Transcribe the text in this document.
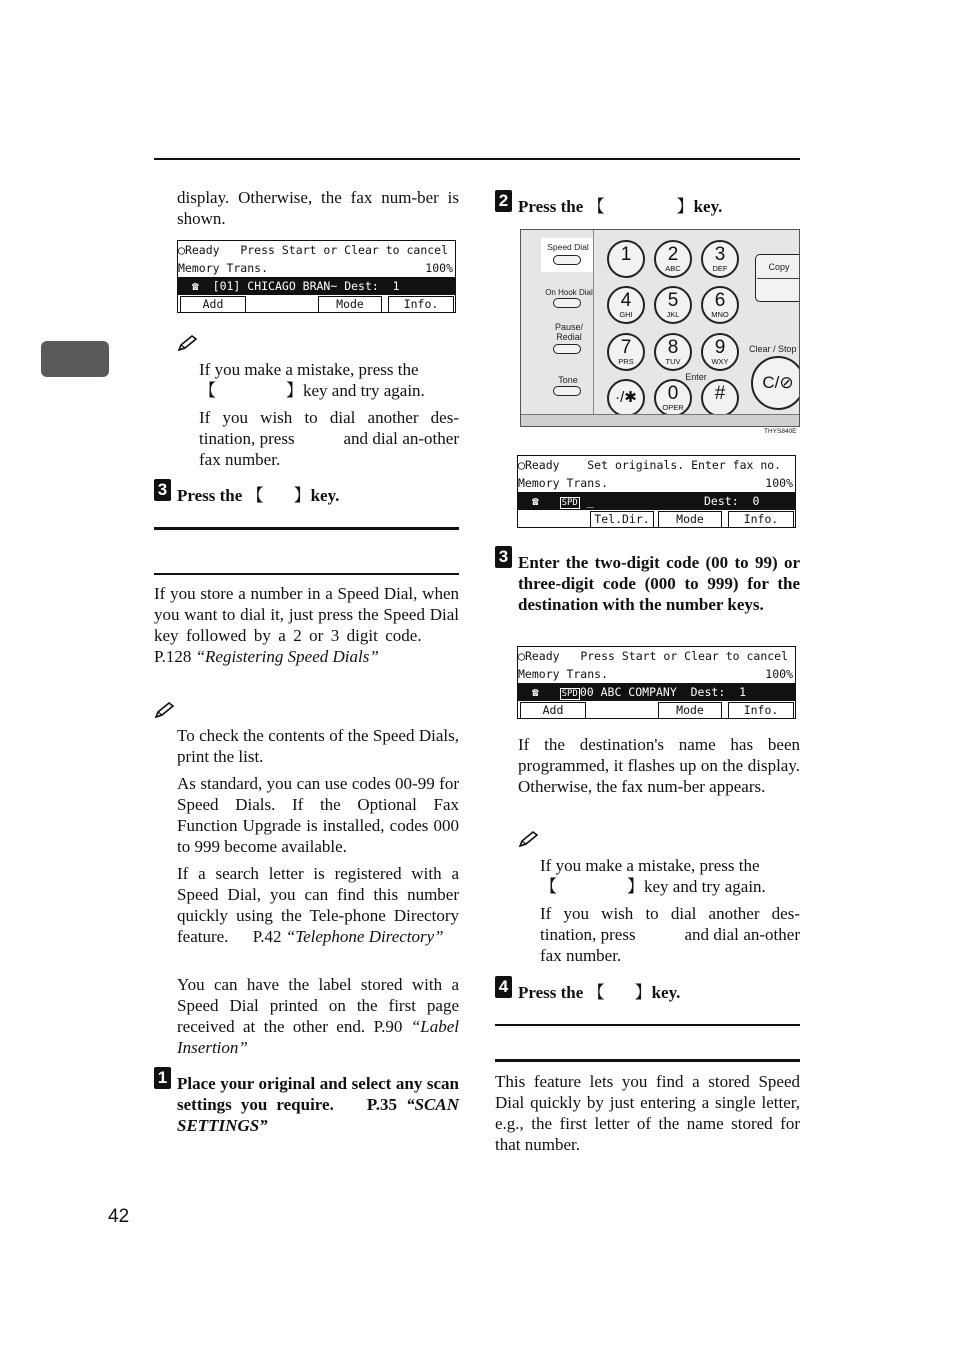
display. Otherwise, the fax num-ber is shown.
◯Ready   Press Start or Clear to cancel
Memory Trans.	100%
☎ [01] CHICAGO BRAN~ Dest:  1
Add	Mode	Info.
If you make a mistake, press the
【	】key and try again.
If you wish to dial another des-tination, press	and dial an-other fax number.
3 Press the 【 】key.
If you store a number in a Speed Dial, when you want to dial it, just press the Speed Dial key followed by a 2 or 3 digit code. P.128 “Registering Speed Dials”
To check the contents of the Speed Dials, print the list.
As standard, you can use codes 00-99 for Speed Dials. If the Optional Fax Function Upgrade is installed, codes 000 to 999 become available.
If a search letter is registered with a Speed Dial, you can find this number quickly using the Tele-phone Directory feature. P.42 “Telephone Directory”
You can have the label stored with a Speed Dial printed on the first page received at the other end. P.90 “Label Insertion”
1 Place your original and select any scan settings you require. P.35 “SCAN SETTINGS”
42
2 Press the 【	】key.
Speed Dial
On Hook Dial
Pause/ Redial
Tone
1	2
ABC
3
DEF
4
GHI
5
JKL
6
MNO
7
PRS
8
TUV
9
WXY
Enter
·/✱	0
OPER
#
Copy
Clear / Stop
C/⊘
THYS840E
◯Ready    Set originals. Enter fax no.
Memory Trans.	100%
☎	SPD _	Dest:  0
Tel.Dir.	Mode	Info.
3 Enter the two-digit code (00 to 99) or three-digit code (000 to 999) for the destination with the number keys.
◯Ready   Press Start or Clear to cancel
Memory Trans.	100%
☎	SPD 00 ABC COMPANY  Dest:  1
Add	Mode	Info.
If the destination's name has been programmed, it flashes up on the display. Otherwise, the fax num-ber appears.
If you make a mistake, press the
【	】key and try again.
If you wish to dial another des-tination, press	and dial an-other fax number.
4 Press the 【 】key.
This feature lets you find a stored Speed Dial quickly by just entering a single letter, e.g., the first letter of the name stored for that number.
